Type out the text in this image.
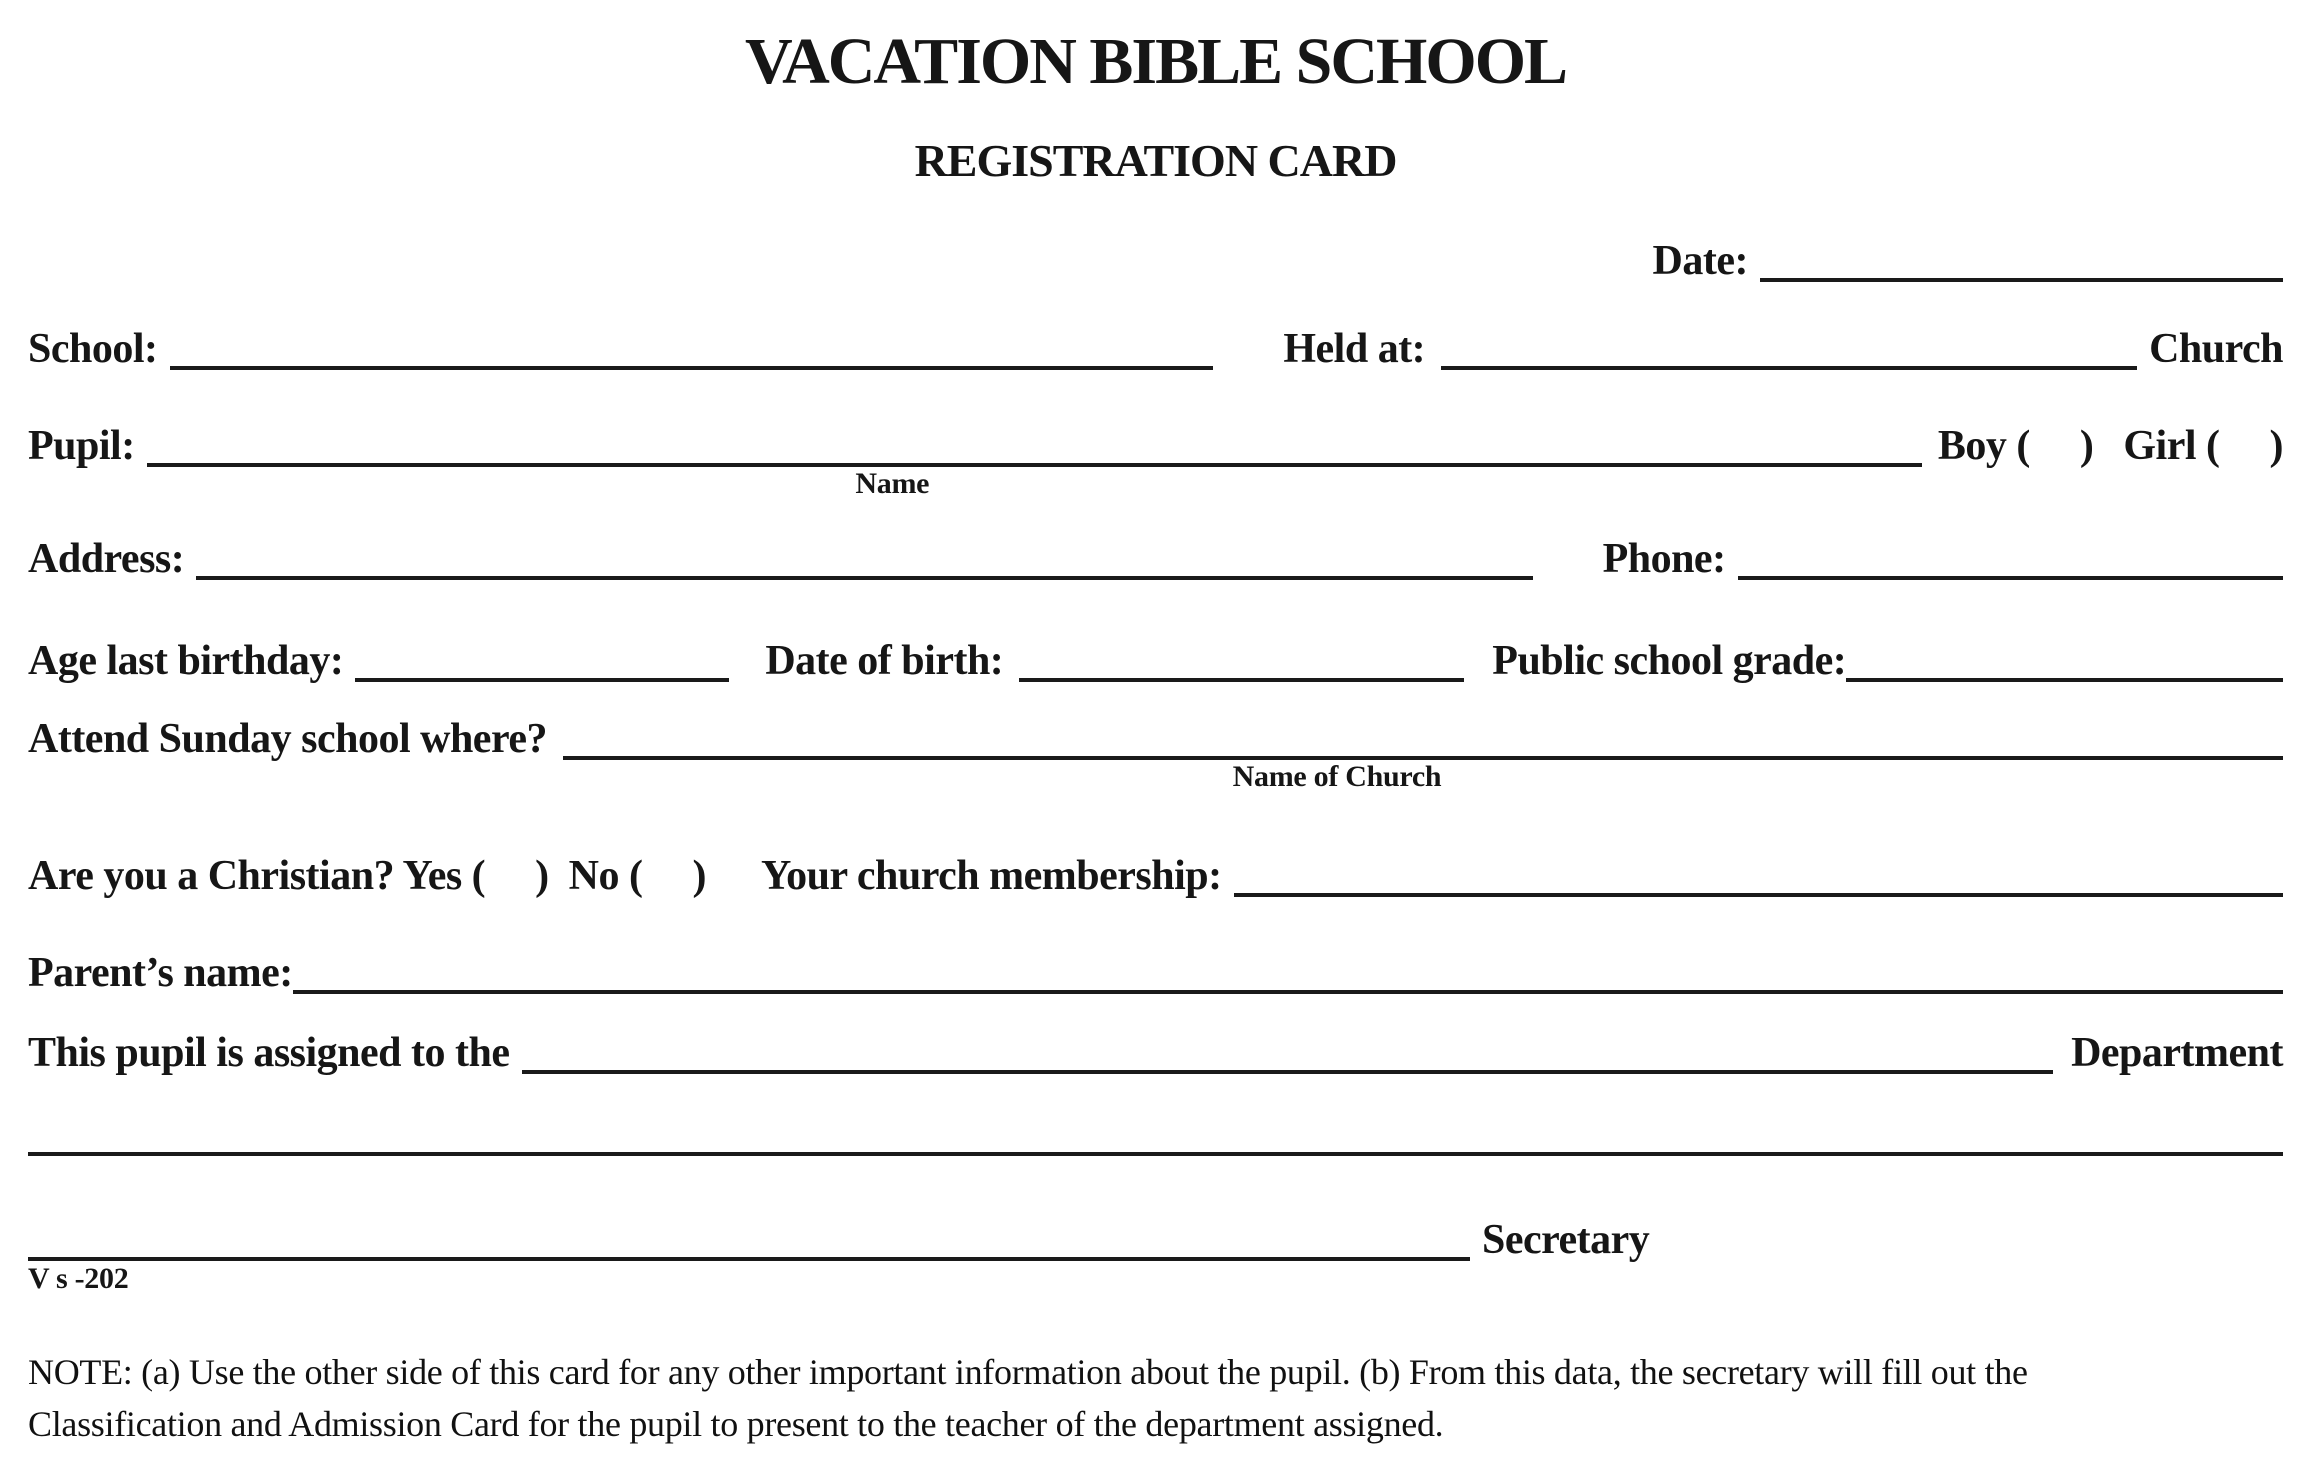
VACATION BIBLE SCHOOL
REGISTRATION CARD
Date:
School:	Held at:	Church
Pupil:
Name
Boy (     ) Girl (     )
Address:	Phone:
Age last birthday:	Date of birth:	Public school grade:
Attend Sunday school where?
Name of Church
Are you a Christian? Yes (     )  No (     ) Your church membership:
Parent’s name:
This pupil is assigned to the	Department
Secretary
V s -202
NOTE: (a) Use the other side of this card for any other important information about the pupil. (b) From this data, the secretary will fill out the
Classification and Admission Card for the pupil to present to the teacher of the department assigned.
